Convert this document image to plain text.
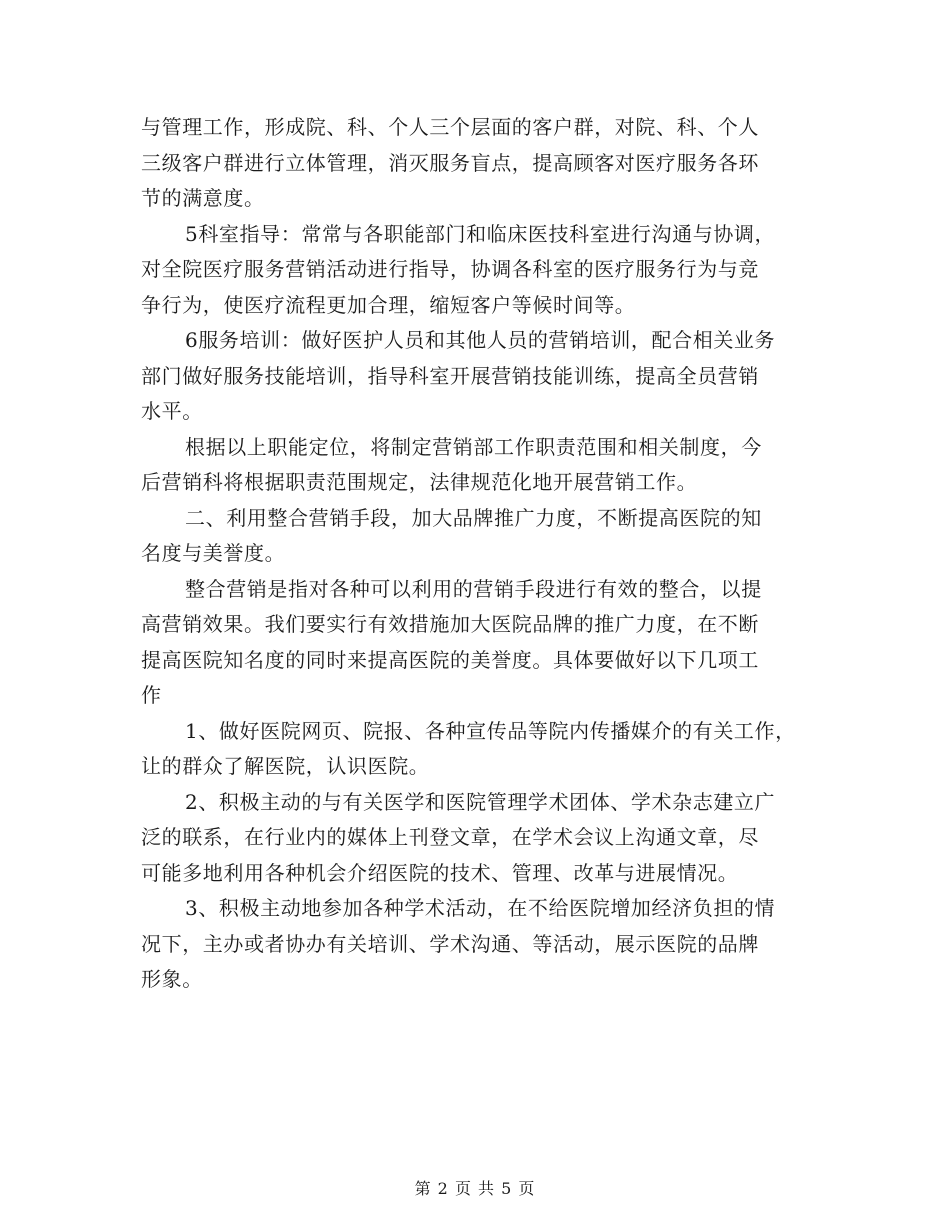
与管理工作，形成院、科、个人三个层面的客户群，对院、科、个人
三级客户群进行立体管理，消灭服务盲点，提高顾客对医疗服务各环
节的满意度。

5科室指导：常常与各职能部门和临床医技科室进行沟通与协调，
对全院医疗服务营销活动进行指导，协调各科室的医疗服务行为与竞
争行为，使医疗流程更加合理，缩短客户等候时间等。

6服务培训：做好医护人员和其他人员的营销培训，配合相关业务
部门做好服务技能培训，指导科室开展营销技能训练，提高全员营销
水平。

根据以上职能定位，将制定营销部工作职责范围和相关制度，今
后营销科将根据职责范围规定，法律规范化地开展营销工作。

二、利用整合营销手段，加大品牌推广力度，不断提高医院的知
名度与美誉度。

整合营销是指对各种可以利用的营销手段进行有效的整合，以提
高营销效果。我们要实行有效措施加大医院品牌的推广力度，在不断
提高医院知名度的同时来提高医院的美誉度。具体要做好以下几项工
作

1、做好医院网页、院报、各种宣传品等院内传播媒介的有关工作，
让的群众了解医院，认识医院。

2、积极主动的与有关医学和医院管理学术团体、学术杂志建立广
泛的联系，在行业内的媒体上刊登文章，在学术会议上沟通文章，尽
可能多地利用各种机会介绍医院的技术、管理、改革与进展情况。

3、积极主动地参加各种学术活动，在不给医院增加经济负担的情
况下，主办或者协办有关培训、学术沟通、等活动，展示医院的品牌
形象。

第 2 页 共 5 页
